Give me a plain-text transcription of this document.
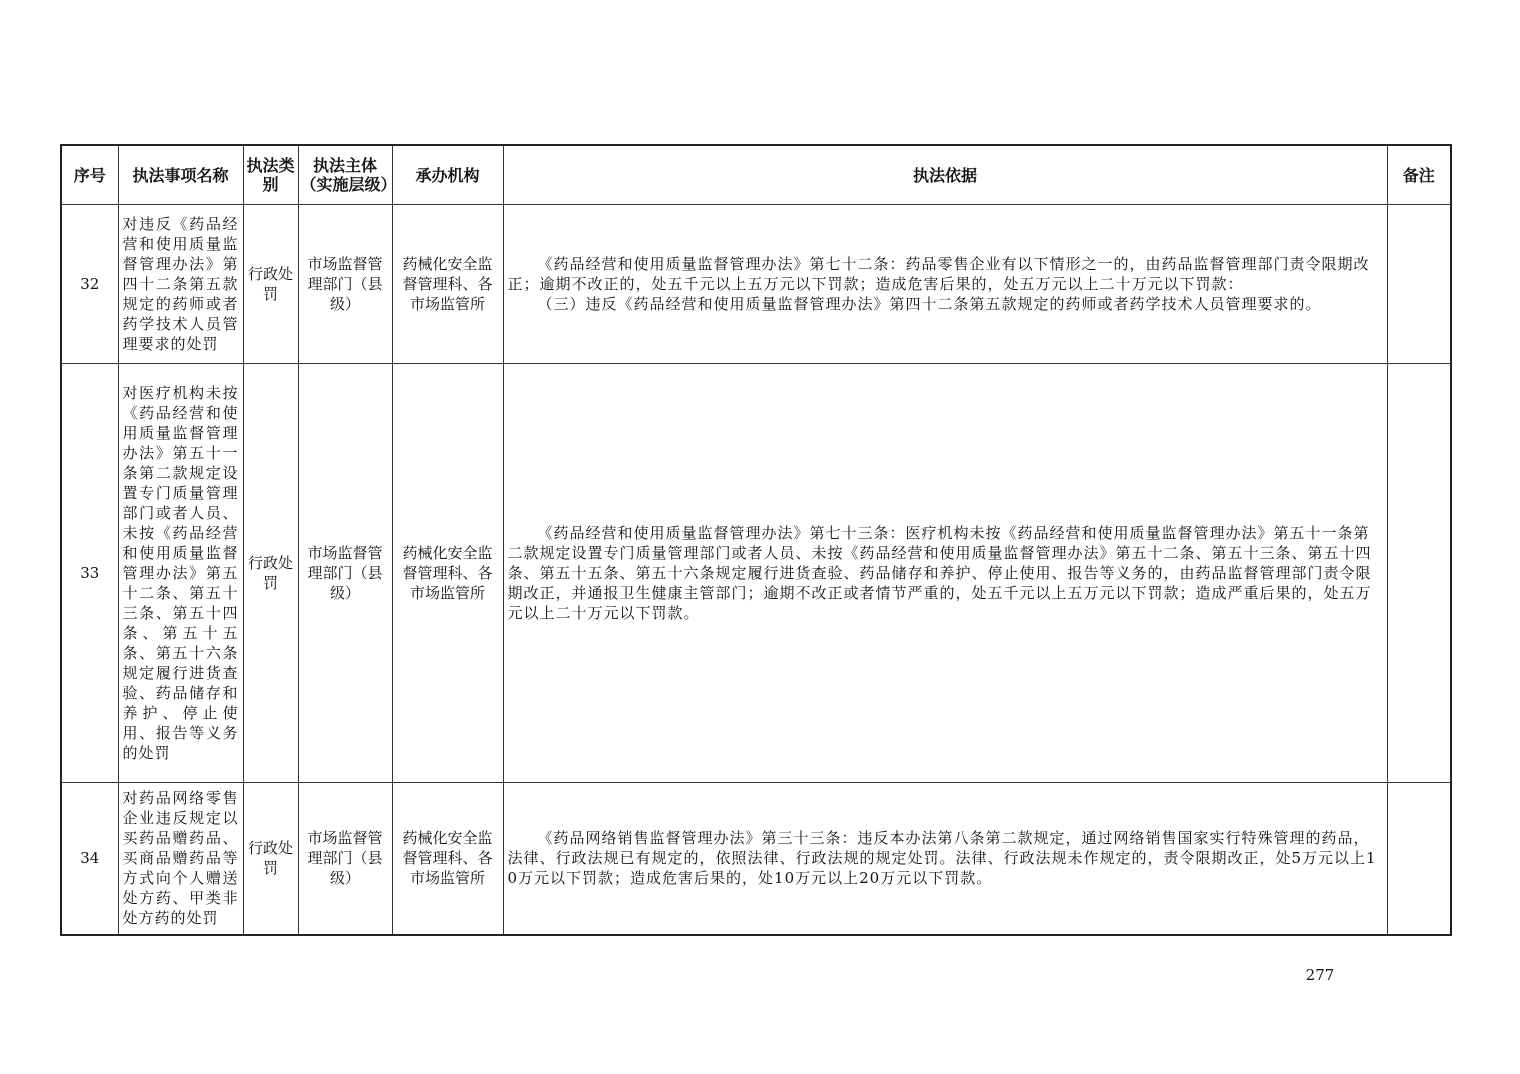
序号	执法事项名称	执法类别	执法主体（实施层级）	承办机构	执法依据	备注
32	对违反《药品经营和使用质量监督管理办法》第四十二条第五款规定的药师或者药学技术人员管理要求的处罚	行政处罚	市场监督管理部门（县级）	药械化安全监督管理科、各市场监管所	《药品经营和使用质量监督管理办法》第七十二条：药品零售企业有以下情形之一的，由药品监督管理部门责令限期改正；逾期不改正的，处五千元以上五万元以下罚款；造成危害后果的，处五万元以上二十万元以下罚款：

（三）违反《药品经营和使用质量监督管理办法》第四十二条第五款规定的药师或者药学技术人员管理要求的。	

33	对医疗机构未按《药品经营和使用质量监督管理办法》第五十一条第二款规定设置专门质量管理部门或者人员、未按《药品经营和使用质量监督管理办法》第五十二条、第五十三条、第五十四条、第五十五条、第五十六条规定履行进货查验、药品储存和养护、停止使用、报告等义务的处罚	行政处罚	市场监督管理部门（县级）	药械化安全监督管理科、各市场监管所	《药品经营和使用质量监督管理办法》第七十三条：医疗机构未按《药品经营和使用质量监督管理办法》第五十一条第二款规定设置专门质量管理部门或者人员、未按《药品经营和使用质量监督管理办法》第五十二条、第五十三条、第五十四条、第五十五条、第五十六条规定履行进货查验、药品储存和养护、停止使用、报告等义务的，由药品监督管理部门责令限期改正，并通报卫生健康主管部门；逾期不改正或者情节严重的，处五千元以上五万元以下罚款；造成严重后果的，处五万元以上二十万元以下罚款。	

34	对药品网络零售企业违反规定以买药品赠药品、买商品赠药品等方式向个人赠送处方药、甲类非处方药的处罚	行政处罚	市场监督管理部门（县级）	药械化安全监督管理科、各市场监管所	《药品网络销售监督管理办法》第三十三条：违反本办法第八条第二款规定，通过网络销售国家实行特殊管理的药品，法律、行政法规已有规定的，依照法律、行政法规的规定处罚。法律、行政法规未作规定的，责令限期改正，处5万元以上10万元以下罚款；造成危害后果的，处10万元以上20万元以下罚款。	

277
